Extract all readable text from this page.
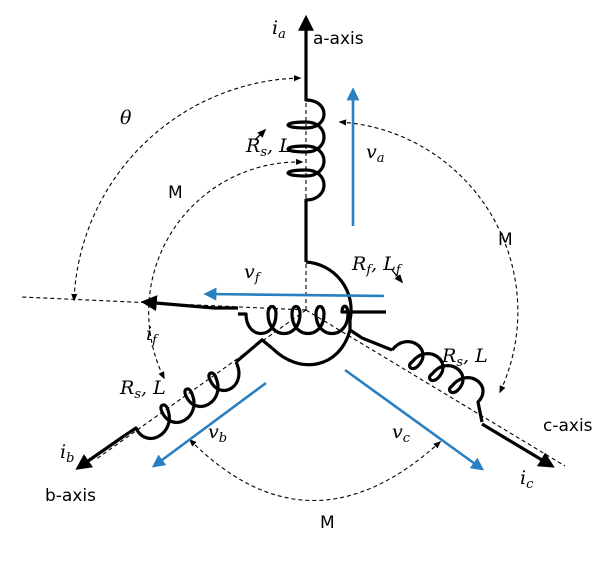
a-axis
b-axis
c-axis
θ
M
M
M
$i_a$
$i_b$
$i_c$
$i_f$
$v_a$
$v_f$
$v_b$	$v_c$
$R_s$, L
$R_f$, $L_f$
$R_s$, L
$R_s$, L
